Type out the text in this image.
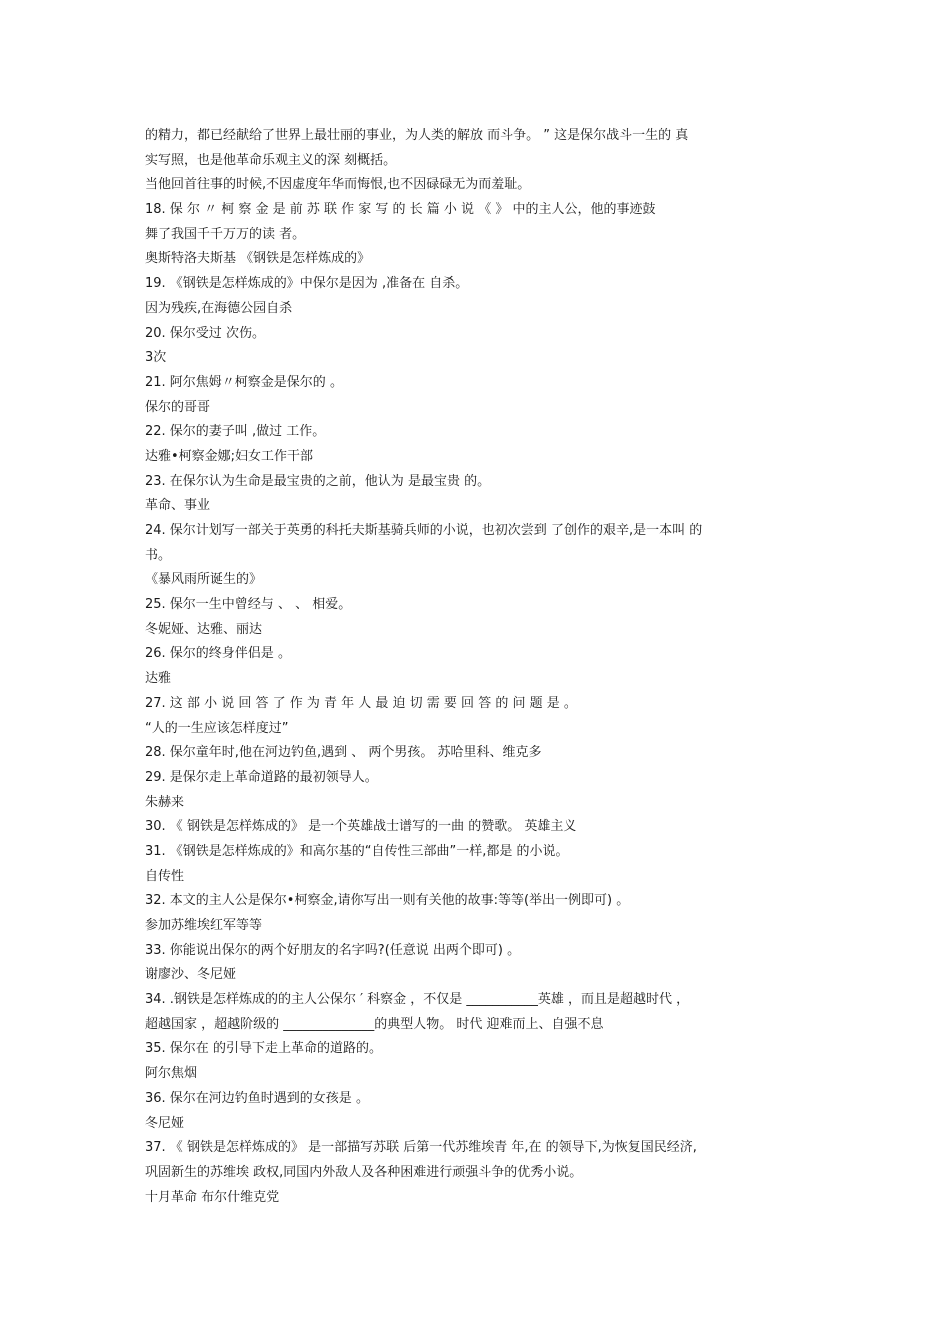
的精力，都已经献给了世界上最壮丽的事业，为人类的解放 而斗争。 ” 这是保尔战斗一生的 真
实写照，也是他革命乐观主义的深 刻概括。
当他回首往事的时候,不因虚度年华而悔恨,也不因碌碌无为而羞耻。
18. 保 尔 〃 柯 察 金 是 前 苏 联 作 家 写 的 长 篇 小 说 《 》 中的主人公，他的事迹鼓
舞了我国千千万万的读 者。
奥斯特洛夫斯基 《钢铁是怎样炼成的》
19. 《钢铁是怎样炼成的》中保尔是因为 ,准备在 自杀。
因为残疾,在海德公园自杀
20. 保尔受过 次伤。
3次
21. 阿尔焦姆〃柯察金是保尔的 。
保尔的哥哥
22. 保尔的妻子叫 ,做过 工作。
达雅•柯察金娜;妇女工作干部
23. 在保尔认为生命是最宝贵的之前，他认为 是最宝贵 的。
革命、事业
24. 保尔计划写一部关于英勇的科托夫斯基骑兵师的小说，也初次尝到 了创作的艰辛,是一本叫 的
书。
《暴风雨所诞生的》
25. 保尔一生中曾经与 、 、 相爱。
冬妮娅、达雅、丽达
26. 保尔的终身伴侣是 。
达雅
27. 这 部 小 说 回 答 了 作 为 青 年 人 最 迫 切 需 要 回 答 的 问 题 是 。
“人的一生应该怎样度过”
28. 保尔童年时,他在河边钓鱼,遇到 、 两个男孩。 苏哈里科、维克多
29. 是保尔走上革命道路的最初领导人。
朱赫来
30. 《 钢铁是怎样炼成的》 是一个英雄战士谱写的一曲 的赞歌。 英雄主义
31. 《钢铁是怎样炼成的》和高尔基的“自传性三部曲”一样,都是 的小说。
自传性
32. 本文的主人公是保尔•柯察金,请你写出一则有关他的故事:等等(举出一例即可) 。
参加苏维埃红军等等
33. 你能说出保尔的两个好朋友的名字吗?(任意说 出两个即可) 。
谢廖沙、冬尼娅
34. .钢铁是怎样炼成的的主人公保尔 ′ 科察金 ，不仅是 ___________英雄 ，而且是超越时代 ，
超越国家 ，超越阶级的 ______________的典型人物。 时代 迎难而上、自强不息
35. 保尔在 的引导下走上革命的道路的。
阿尔焦烟
36. 保尔在河边钓鱼时遇到的女孩是 。
冬尼娅
37. 《 钢铁是怎样炼成的》 是一部描写苏联 后第一代苏维埃青 年,在 的领导下,为恢复国民经济,
巩固新生的苏维埃 政权,同国内外敌人及各种困难进行顽强斗争的优秀小说。
十月革命 布尔什维克党
